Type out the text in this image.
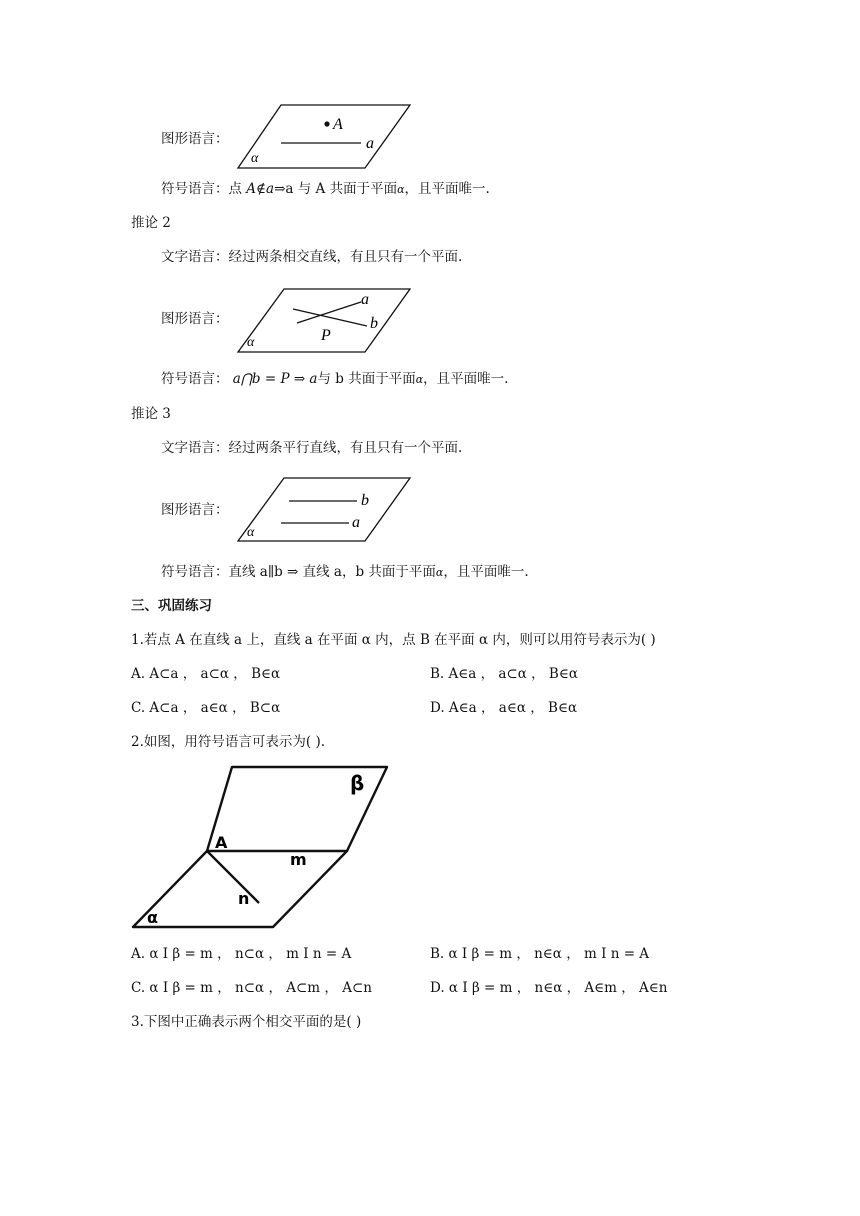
图形语言：
A
a
α
符号语言：点 A∉a⇒a 与 A 共面于平面α，且平面唯一.
推论 2
文字语言：经过两条相交直线，有且只有一个平面.
图形语言：
a
b
P
α
符号语言： a⋂b = P ⇒ a与 b 共面于平面α，且平面唯一.
推论 3
文字语言：经过两条平行直线，有且只有一个平面.
图形语言：
b
a
α
符号语言：直线 a∥b ⇒ 直线 a，b 共面于平面α，且平面唯一.
三、巩固练习
1.若点 A 在直线 a 上，直线 a 在平面 α 内，点 B 在平面 α 内，则可以用符号表示为( )
A. A⊂a ， a⊂α ， B∈α	B. A∈a ， a⊂α ， B∈α
C. A⊂a ， a∈α ， B⊂α	D. A∈a ， a∈α ， B∈α
2.如图，用符号语言可表示为( ).
β
A
m
n
α
A. α I β = m ， n⊂α ， m I n = A	B. α I β = m ， n∈α ， m I n = A
C. α I β = m ， n⊂α ， A⊂m ， A⊂n	D. α I β = m ， n∈α ， A∈m ， A∈n
3.下图中正确表示两个相交平面的是( )
